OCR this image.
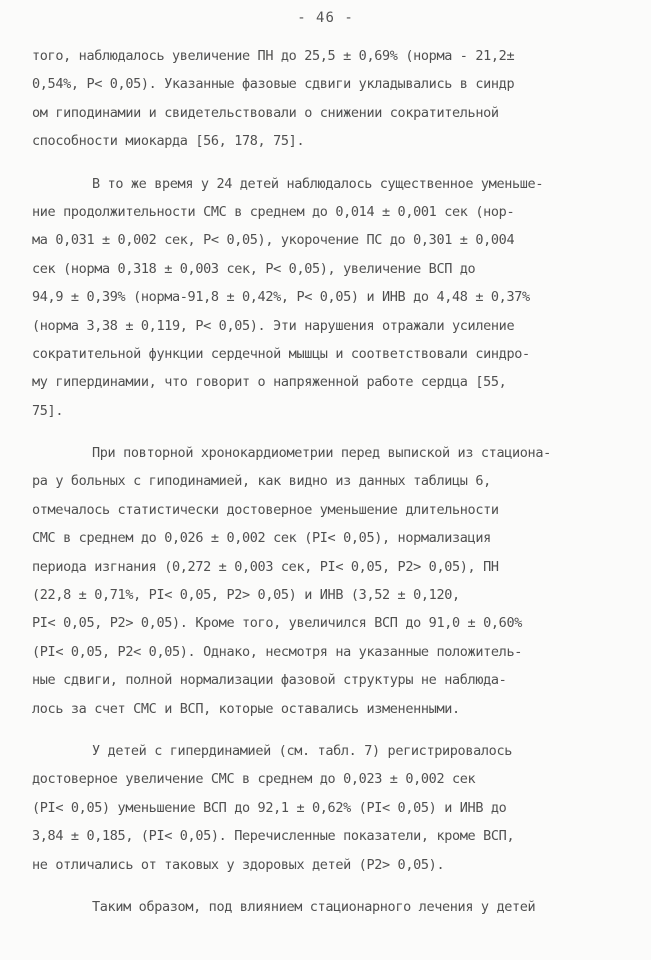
- 46 -
того, наблюдалось увеличение ПН до 25,5 ± 0,69% (норма - 21,2±
0,54%, Р< 0,05). Указанные фазовые сдвиги укладывались в синдр
ом гиподинамии и свидетельствовали о снижении сократительной
способности миокарда [56, 178, 75].
В то же время у 24 детей наблюдалось существенное уменьше-
ние продолжительности СМС в среднем до 0,014 ± 0,001 сек (нор-
ма 0,031 ± 0,002 сек, Р< 0,05), укорочение ПС до 0,301 ± 0,004
сек (норма 0,318 ± 0,003 сек, Р< 0,05), увеличение ВСП до
94,9 ± 0,39% (норма-91,8 ± 0,42%, Р< 0,05) и ИНВ до 4,48 ± 0,37%
(норма 3,38 ± 0,119, Р< 0,05). Эти нарушения отражали усиление
сократительной функции сердечной мышцы и соответствовали синдро-
му гипердинамии, что говорит о напряженной работе сердца [55,
75].
При повторной хронокардиометрии перед выпиской из стациона-
ра у больных с гиподинамией, как видно из данных таблицы 6,
отмечалось статистически достоверное уменьшение длительности
СМС в среднем до 0,026 ± 0,002 сек (PI< 0,05), нормализация
периода изгнания (0,272 ± 0,003 сек, PI< 0,05, P2> 0,05), ПН
(22,8 ± 0,71%, PI< 0,05, P2> 0,05) и ИНВ (3,52 ± 0,120,
PI< 0,05, P2> 0,05). Кроме того, увеличился ВСП до 91,0 ± 0,60%
(PI< 0,05, P2< 0,05). Однако, несмотря на указанные положитель-
ные сдвиги, полной нормализации фазовой структуры не наблюда-
лось за счет СМС и ВСП, которые оставались измененными.
У детей с гипердинамией (см. табл. 7) регистрировалось
достоверное увеличение СМС в среднем до 0,023 ± 0,002 сек
(PI< 0,05) уменьшение ВСП до 92,1 ± 0,62% (PI< 0,05) и ИНВ до
3,84 ± 0,185, (PI< 0,05). Перечисленные показатели, кроме ВСП,
не отличались от таковых у здоровых детей (P2> 0,05).
Таким образом, под влиянием стационарного лечения у детей
